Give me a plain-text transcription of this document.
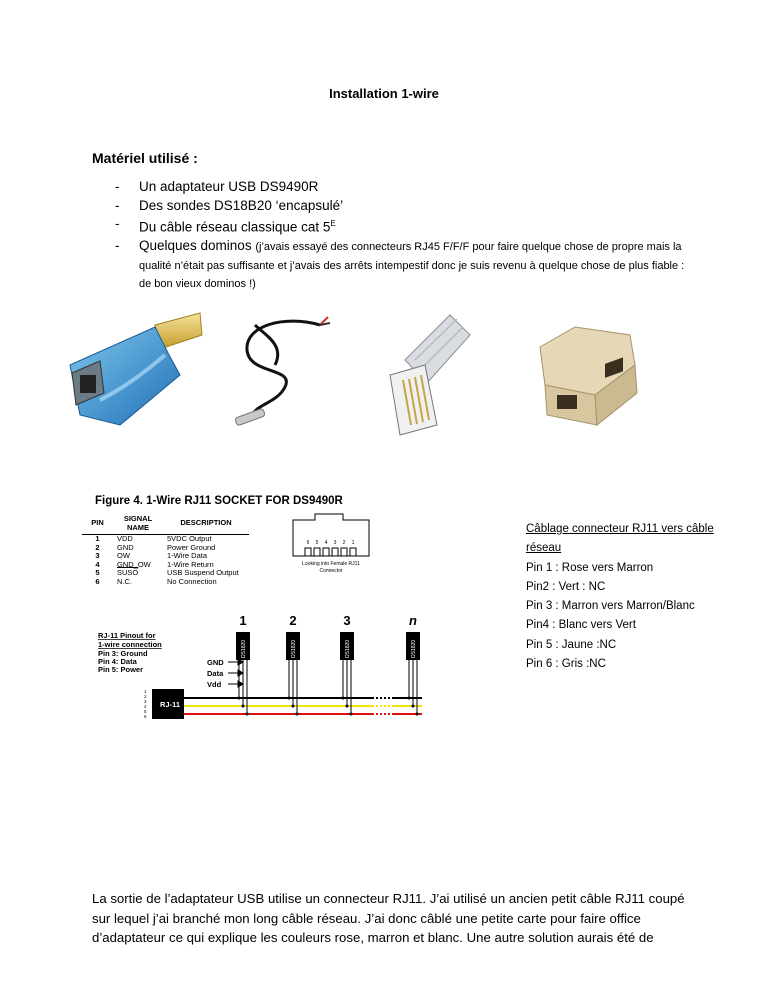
Installation 1-wire
Matériel utilisé :
- Un adaptateur USB DS9490R
- Des sondes DS18B20 ‘encapsulé’
- Du câble réseau classique cat $5^E$
- Quelques dominos (j’avais essayé des connecteurs RJ45 F/F/F pour faire quelque chose de propre mais la qualité n’était pas suffisante et j’avais des arrêts intempestif donc je suis revenu à quelque chose de plus fiable : de bon vieux dominos !)
Figure 4. 1-Wire RJ11 SOCKET FOR DS9490R
PIN	SIGNAL NAME	DESCRIPTION
1	VDD	5VDC Output
2	GND	Power Ground
3	OW	1-Wire Data
4	GND_OW	1-Wire Return
5	SUSO	USB Suspend Output
6	N.C.	No Connection
6 5 4 3 2 1
Looking into Female RJ11
Connector
1	2	3	n
RJ-11 Pinout for
1-wire connection
Pin 3: Ground
Pin 4: Data
Pin 5: Power
GND
Data
Vdd
RJ-11
1
2
3
4
5
6
DS1820	DS1820	DS1820	DS1820
Câblage connecteur RJ11 vers câble
réseau
Pin 1 : Rose vers Marron
Pin2 : Vert : NC
Pin 3 : Marron vers Marron/Blanc
Pin4 : Blanc vers Vert
Pin 5 : Jaune :NC
Pin 6 : Gris :NC
La sortie de l’adaptateur USB utilise un connecteur RJ11. J’ai utilisé un ancien petit câble RJ11 coupé sur lequel j’ai branché mon long câble réseau. J’ai donc câblé une petite carte pour faire office d’adaptateur ce qui explique les couleurs rose, marron et blanc. Une autre solution aurais été de
